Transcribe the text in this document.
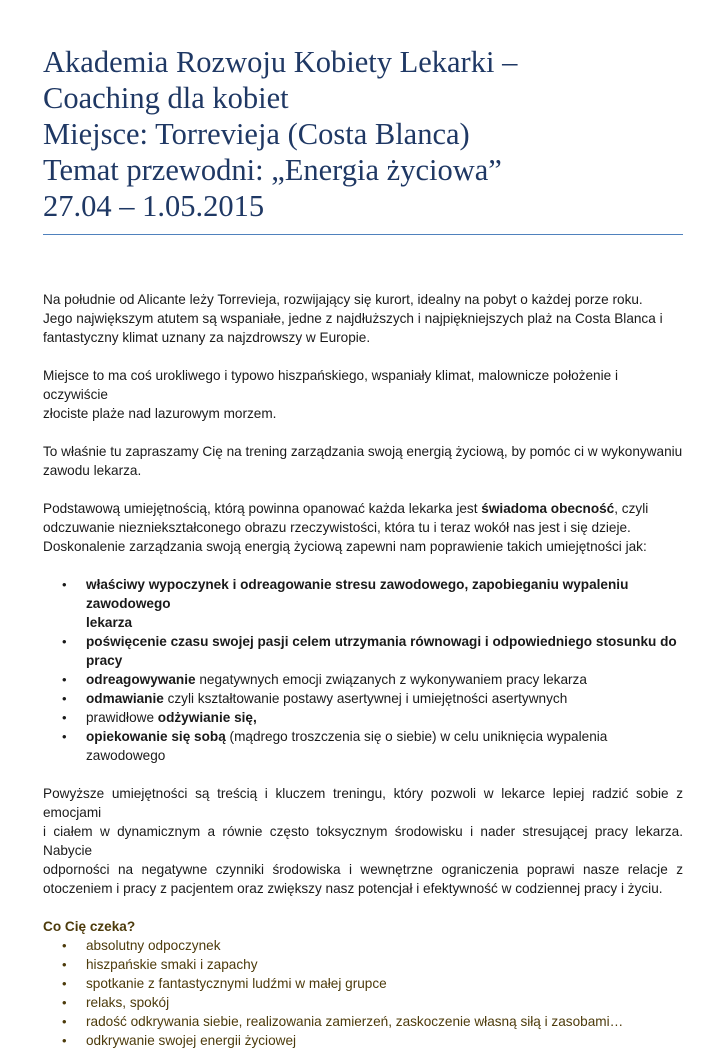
Akademia Rozwoju Kobiety Lekarki –
Coaching dla kobiet
Miejsce: Torrevieja (Costa Blanca)
Temat przewodni: „Energia życiowa”
27.04 – 1.05.2015
Na południe od Alicante leży Torrevieja, rozwijający się kurort, idealny na pobyt o każdej porze roku.
Jego największym atutem są wspaniałe, jedne z najdłuższych i najpiękniejszych plaż na Costa Blanca i
fantastyczny klimat uznany za najzdrowszy w Europie.
Miejsce to ma coś urokliwego i typowo hiszpańskiego, wspaniały klimat, malownicze położenie i oczywiście
złociste plaże nad lazurowym morzem.
To właśnie tu zapraszamy Cię na trening zarządzania swoją energią życiową, by pomóc ci w wykonywaniu
zawodu lekarza.
Podstawową umiejętnością, którą powinna opanować każda lekarka jest świadoma obecność, czyli
odczuwanie niezniekształconego obrazu rzeczywistości, która tu i teraz wokół nas jest i się dzieje.
Doskonalenie zarządzania swoją energią życiową zapewni nam poprawienie takich umiejętności jak:
• właściwy wypoczynek i odreagowanie stresu zawodowego, zapobieganiu wypaleniu zawodowego
lekarza
• poświęcenie czasu swojej pasji celem utrzymania równowagi i odpowiedniego stosunku do pracy
• odreagowywanie negatywnych emocji związanych z wykonywaniem pracy lekarza
• odmawianie czyli kształtowanie postawy asertywnej i umiejętności asertywnych
• prawidłowe odżywianie się,
• opiekowanie się sobą (mądrego troszczenia się o siebie) w celu uniknięcia wypalenia zawodowego
Powyższe umiejętności są treścią i kluczem treningu, który pozwoli w lekarce lepiej radzić sobie z emocjami
i ciałem w dynamicznym a równie często toksycznym środowisku i nader stresującej pracy lekarza. Nabycie
odporności na negatywne czynniki środowiska i wewnętrzne ograniczenia poprawi nasze relacje z
otoczeniem i pracy z pacjentem oraz zwiększy nasz potencjał i efektywność w codziennej pracy i życiu.
Co Cię czeka?
• absolutny odpoczynek
• hiszpańskie smaki i zapachy
• spotkanie z fantastycznymi ludźmi w małej grupce
• relaks, spokój
• radość odkrywania siebie, realizowania zamierzeń, zaskoczenie własną siłą i zasobami…
• odkrywanie swojej energii życiowej
